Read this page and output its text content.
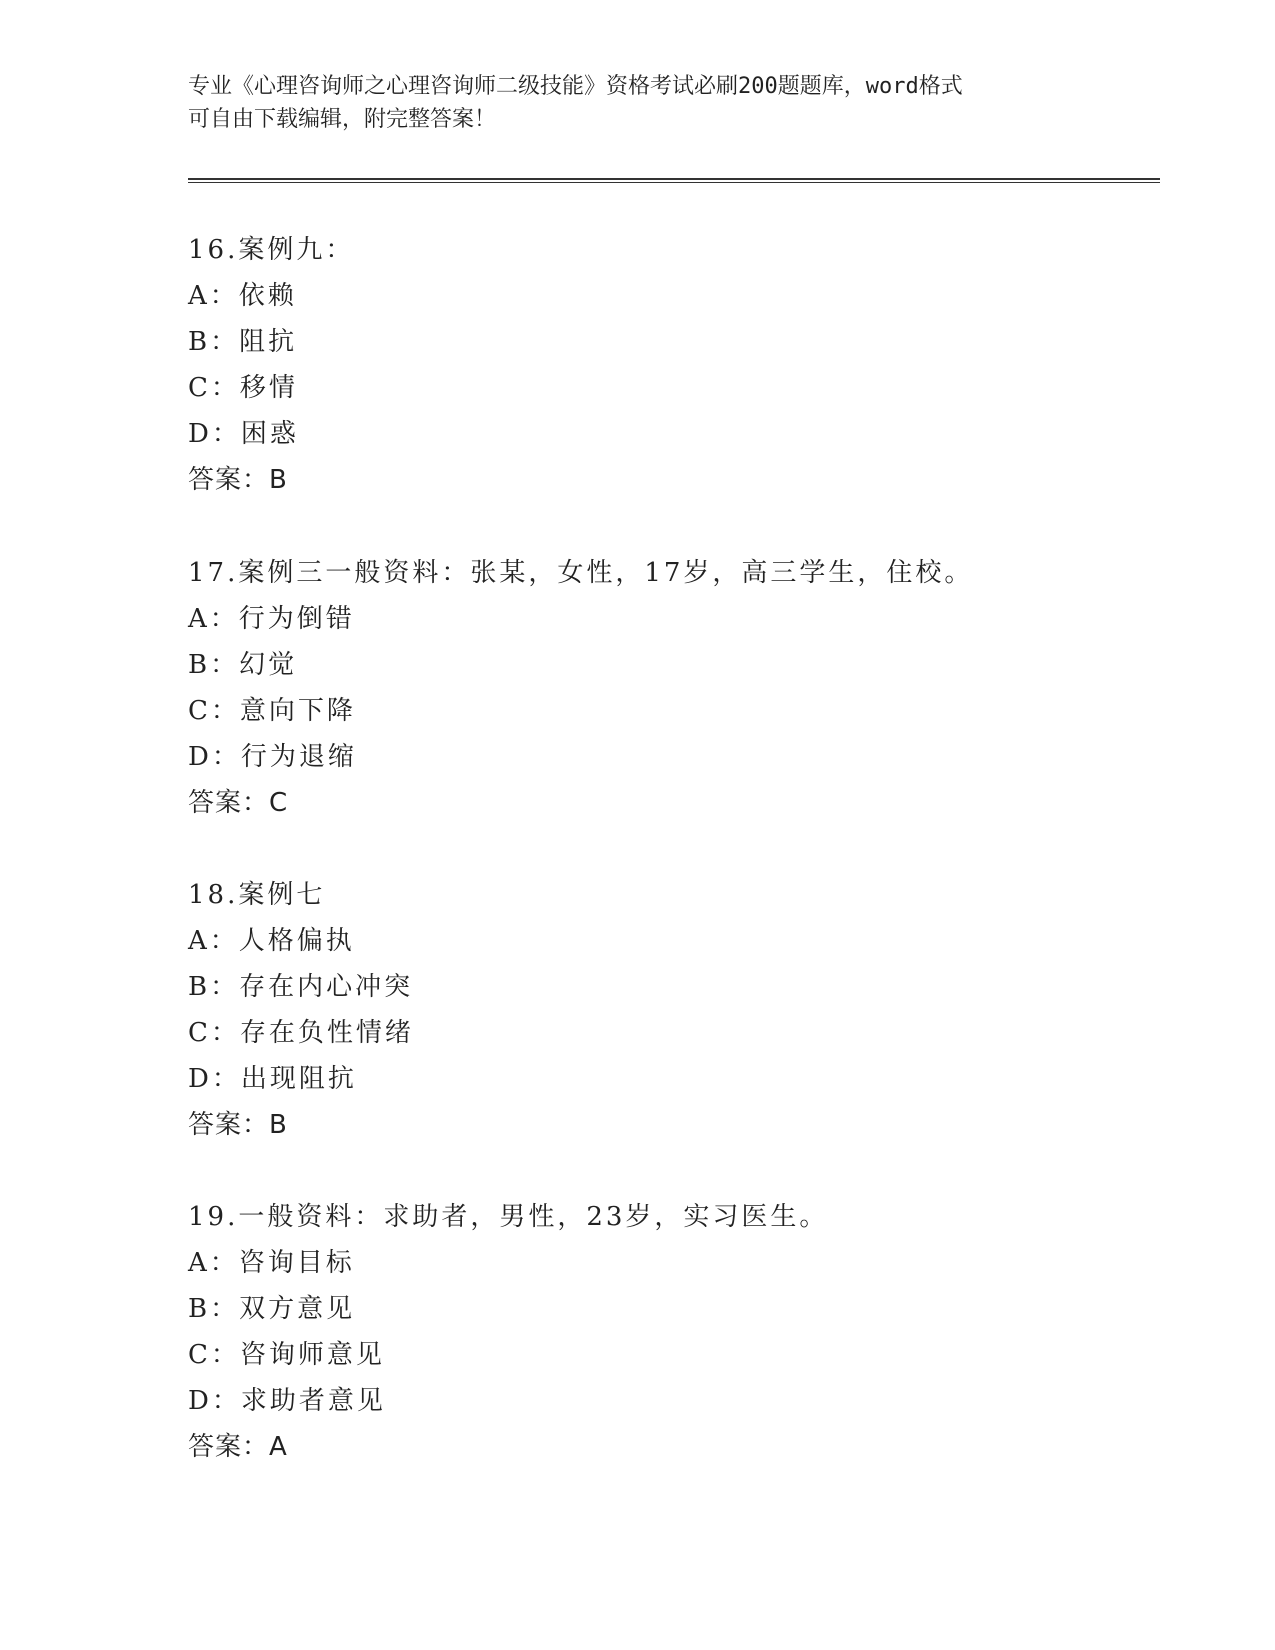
专业《心理咨询师之心理咨询师二级技能》资格考试必刷200题题库，word格式
可自由下载编辑，附完整答案！
16.案例九：
A：依赖
B：阻抗
C：移情
D：困惑
答案：B
17.案例三一般资料：张某，女性，17岁，高三学生，住校。
A：行为倒错
B：幻觉
C：意向下降
D：行为退缩
答案：C
18.案例七
A：人格偏执
B：存在内心冲突
C：存在负性情绪
D：出现阻抗
答案：B
19.一般资料：求助者，男性，23岁，实习医生。
A：咨询目标
B：双方意见
C：咨询师意见
D：求助者意见
答案：A
